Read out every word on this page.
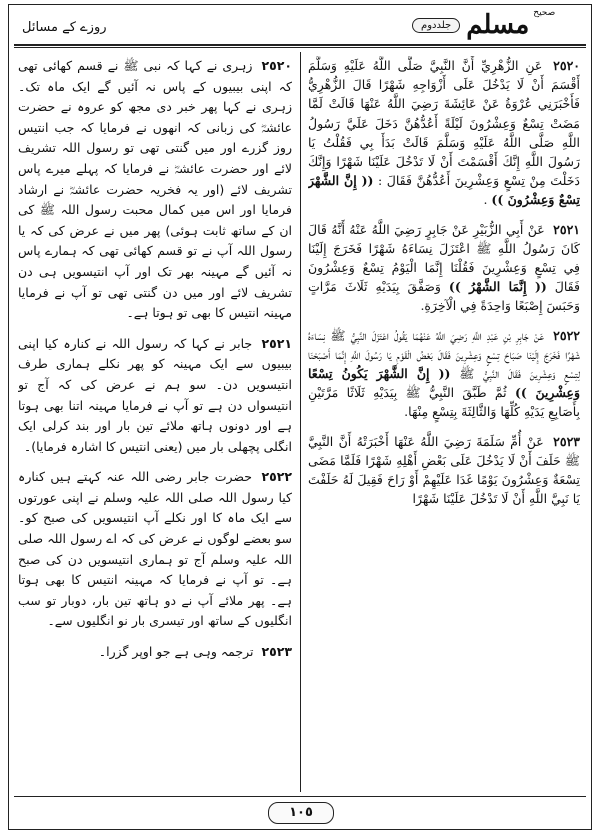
روزے کے مسائل
صحیح
مسلم
جلددوم

٢٥٢٠ عَنِ الزُّهْرِيِّ أَنَّ النَّبِيَّ صَلَّى اللَّهُ عَلَيْهِ وَسَلَّمَ أَقْسَمَ أَنْ لَا يَدْخُلَ عَلَى أَزْوَاجِهِ شَهْرًا قَالَ الزُّهْرِيُّ فَأَخْبَرَنِي عُرْوَةُ عَنْ عَائِشَةَ رَضِيَ اللَّهُ عَنْهَا قَالَتْ لَمَّا مَضَتْ تِسْعٌ وَعِشْرُونَ لَيْلَةً أَعُدُّهُنَّ دَخَلَ عَلَيَّ رَسُولُ اللَّهِ صَلَّى اللَّهُ عَلَيْهِ وَسَلَّمَ قَالَتْ بَدَأَ بِي فَقُلْتُ يَا رَسُولَ اللَّهِ إِنَّكَ أَقْسَمْتَ أَنْ لَا تَدْخُلَ عَلَيْنَا شَهْرًا وَإِنَّكَ دَخَلْتَ مِنْ تِسْعٍ وَعِشْرِينَ أَعُدُّهُنَّ فَقَالَ : (( إِنَّ الشَّهْرَ تِسْعٌ وَعِشْرُونَ )) .

٢٥٢١ عَنْ أَبِي الزُّبَيْرِ عَنْ جَابِرٍ رَضِيَ اللَّهُ عَنْهُ أَنَّهُ قَالَ كَانَ رَسُولُ اللَّهِ ﷺ اعْتَزَلَ نِسَاءَهُ شَهْرًا فَخَرَجَ إِلَيْنَا فِي تِسْعٍ وَعِشْرِينَ فَقُلْنَا إِنَّمَا الْيَوْمُ تِسْعٌ وَعِشْرُونَ فَقَالَ (( إِنَّمَا الشَّهْرُ )) وَصَفَّقَ بِيَدَيْهِ ثَلَاثَ مَرَّاتٍ وَحَبَسَ إِصْبَعًا وَاحِدَةً فِي الْآخِرَةِ.

٢٥٢٢ عَنْ جَابِرِ بْنِ عَبْدِ اللَّهِ رَضِيَ اللَّهُ عَنْهُمَا يَقُولُ اعْتَزَلَ النَّبِيُّ ﷺ نِسَاءَهُ شَهْرًا فَخَرَجَ إِلَيْنَا صَبَاحَ تِسْعٍ وَعِشْرِينَ فَقَالَ بَعْضُ الْقَوْمِ يَا رَسُولَ اللَّهِ إِنَّمَا أَصْبَحْنَا لِتِسْعٍ وَعِشْرِينَ فَقَالَ النَّبِيُّ ﷺ (( إِنَّ الشَّهْرَ يَكُونُ تِسْعًا وَعِشْرِينَ )) ثُمَّ طَبَّقَ النَّبِيُّ ﷺ بِيَدَيْهِ ثَلَاثًا مَرَّتَيْنِ بِأَصَابِعِ يَدَيْهِ كُلِّهَا وَالثَّالِثَةَ بِتِسْعٍ مِنْهَا.

٢٥٢٣ عَنْ أُمِّ سَلَمَةَ رَضِيَ اللَّهُ عَنْهَا أَخْبَرَتْهُ أَنَّ النَّبِيَّ ﷺ حَلَفَ أَنْ لَا يَدْخُلَ عَلَى بَعْضِ أَهْلِهِ شَهْرًا فَلَمَّا مَضَى تِسْعَةٌ وَعِشْرُونَ يَوْمًا غَدَا عَلَيْهِمْ أَوْ رَاحَ فَقِيلَ لَهُ حَلَفْتَ يَا نَبِيَّ اللَّهِ أَنْ لَا تَدْخُلَ عَلَيْنَا شَهْرًا

٢٥٢٠ زہری نے کہا کہ نبی ﷺ نے قسم کھائی تھی کہ اپنی بیبیوں کے پاس نہ آئیں گے ایک ماہ تک۔ زہری نے کہا پھر خبر دی مجھ کو عروہ نے حضرت عائشہؓ کی زبانی کہ انھوں نے فرمایا کہ جب انتیس روز گزرے اور میں گنتی تھی تو رسول اللہ تشریف لائے اور حضرت عائشہؓ نے فرمایا کہ پہلے میرے پاس تشریف لائے (اور یہ فخریہ حضرت عائشہؓ نے ارشاد فرمایا اور اس میں کمال محبت رسول اللہ ﷺ کی ان کے ساتھ ثابت ہوئی) پھر میں نے عرض کی کہ یا رسول اللہ آپ نے تو قسم کھائی تھی کہ ہمارے پاس نہ آئیں گے مہینہ بھر تک اور آپ انتیسویں ہی دن تشریف لائے اور میں دن گنتی تھی تو آپ نے فرمایا مہینہ انتیس کا بھی تو ہوتا ہے۔

٢٥٢١ جابر نے کہا کہ رسول اللہ نے کنارہ کیا اپنی بیبیوں سے ایک مہینہ کو پھر نکلے ہماری طرف انتیسویں دن۔ سو ہم نے عرض کی کہ آج تو انتیسواں دن ہے تو آپ نے فرمایا مہینہ اتنا بھی ہوتا ہے اور دونوں ہاتھ ملائے تین بار اور بند کرلی ایک انگلی پچھلی بار میں (یعنی انتیس کا اشارہ فرمایا)۔

٢٥٢٢ حضرت جابر رضی اللہ عنہ کہتے ہیں کنارہ کیا رسول اللہ صلی اللہ علیہ وسلم نے اپنی عورتوں سے ایک ماہ کا اور نکلے آپ انتیسویں کی صبح کو۔ سو بعضے لوگوں نے عرض کی کہ اے رسول اللہ صلی اللہ علیہ وسلم آج تو ہماری انتیسویں دن کی صبح ہے۔ تو آپ نے فرمایا کہ مہینہ انتیس کا بھی ہوتا ہے۔ پھر ملائے آپ نے دو ہاتھ تین بار، دوبار تو سب انگلیوں کے ساتھ اور تیسری بار نو انگلیوں سے۔

٢٥٢٣ ترجمہ وہی ہے جو اوپر گزرا۔

١٠٥
